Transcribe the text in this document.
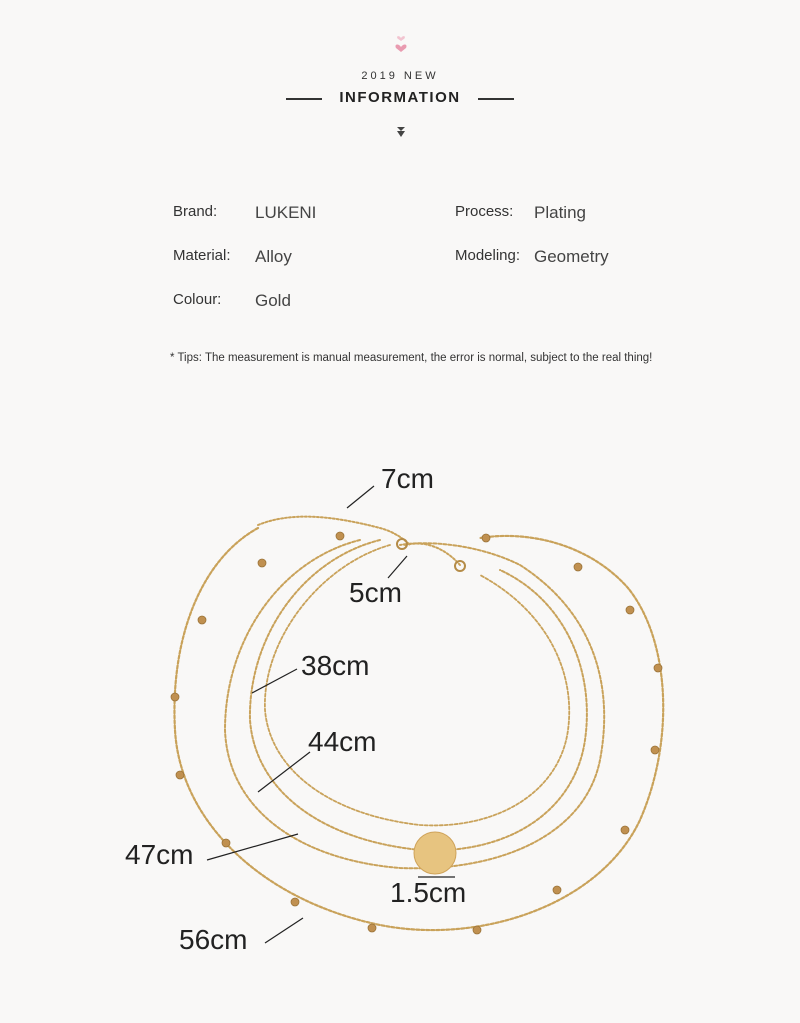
2019 NEW
INFORMATION
Brand: LUKENI	Process: Plating
Material: Alloy	Modeling: Geometry
Colour: Gold
* Tips: The measurement is manual measurement, the error is normal, subject to the real thing!
7cm
5cm
38cm
44cm
47cm
1.5cm
56cm
